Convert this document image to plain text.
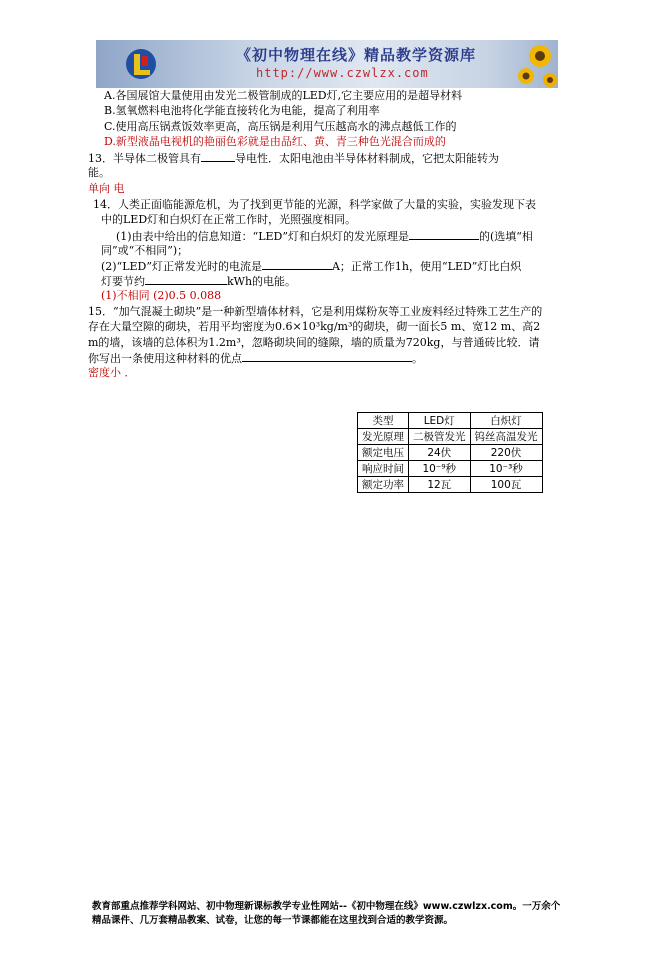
《初中物理在线》精品教学资源库
http://www.czwlzx.com
A.各国展馆大量使用由发光二极管制成的LED灯,它主要应用的是超导材料
B.氢氧燃料电池将化学能直接转化为电能，提高了利用率
C.使用高压锅煮饭效率更高，高压锅是利用气压越高水的沸点越低工作的
D.新型液晶电视机的艳丽色彩就是由品红、黄、青三种色光混合而成的
13．半导体二极管具有	导电性．太阳电池由半导体材料制成，它把太阳能转为
能。
单向 电
14．人类正面临能源危机，为了找到更节能的光源，科学家做了大量的实验，实验发现下表
中的LED灯和白炽灯在正常工作时，光照强度相同。
(1)由表中给出的信息知道：“LED”灯和白炽灯的发光原理是	的(选填“相
同”或“不相同”)；
(2)“LED”灯正常发光时的电流是	A；正常工作1h，使用“LED”灯比白炽
灯要节约	kWh的电能。
(1)不相同 (2)0.5 0.088
15．“加气混凝土砌块”是一种新型墙体材料，它是利用煤粉灰等工业废料经过特殊工艺生产的
存在大量空隙的砌块，若用平均密度为0.6×10³kg/m³的砌块，砌一面长5 m、宽12 m、高2
m的墙，该墙的总体积为1.2m³，忽略砌块间的缝隙，墙的质量为720kg，与普通砖比较．请
你写出一条使用这种材料的优点	。
密度小 ．
类型	LED灯	白炽灯
发光原理	二极管发光	钨丝高温发光
额定电压	24伏	220伏
响应时间	10⁻⁹秒	10⁻³秒
额定功率	12瓦	100瓦
教育部重点推荐学科网站、初中物理新课标教学专业性网站--《初中物理在线》www.czwlzx.com。一万余个
精品课件、几万套精品教案、试卷，让您的每一节课都能在这里找到合适的教学资源。
